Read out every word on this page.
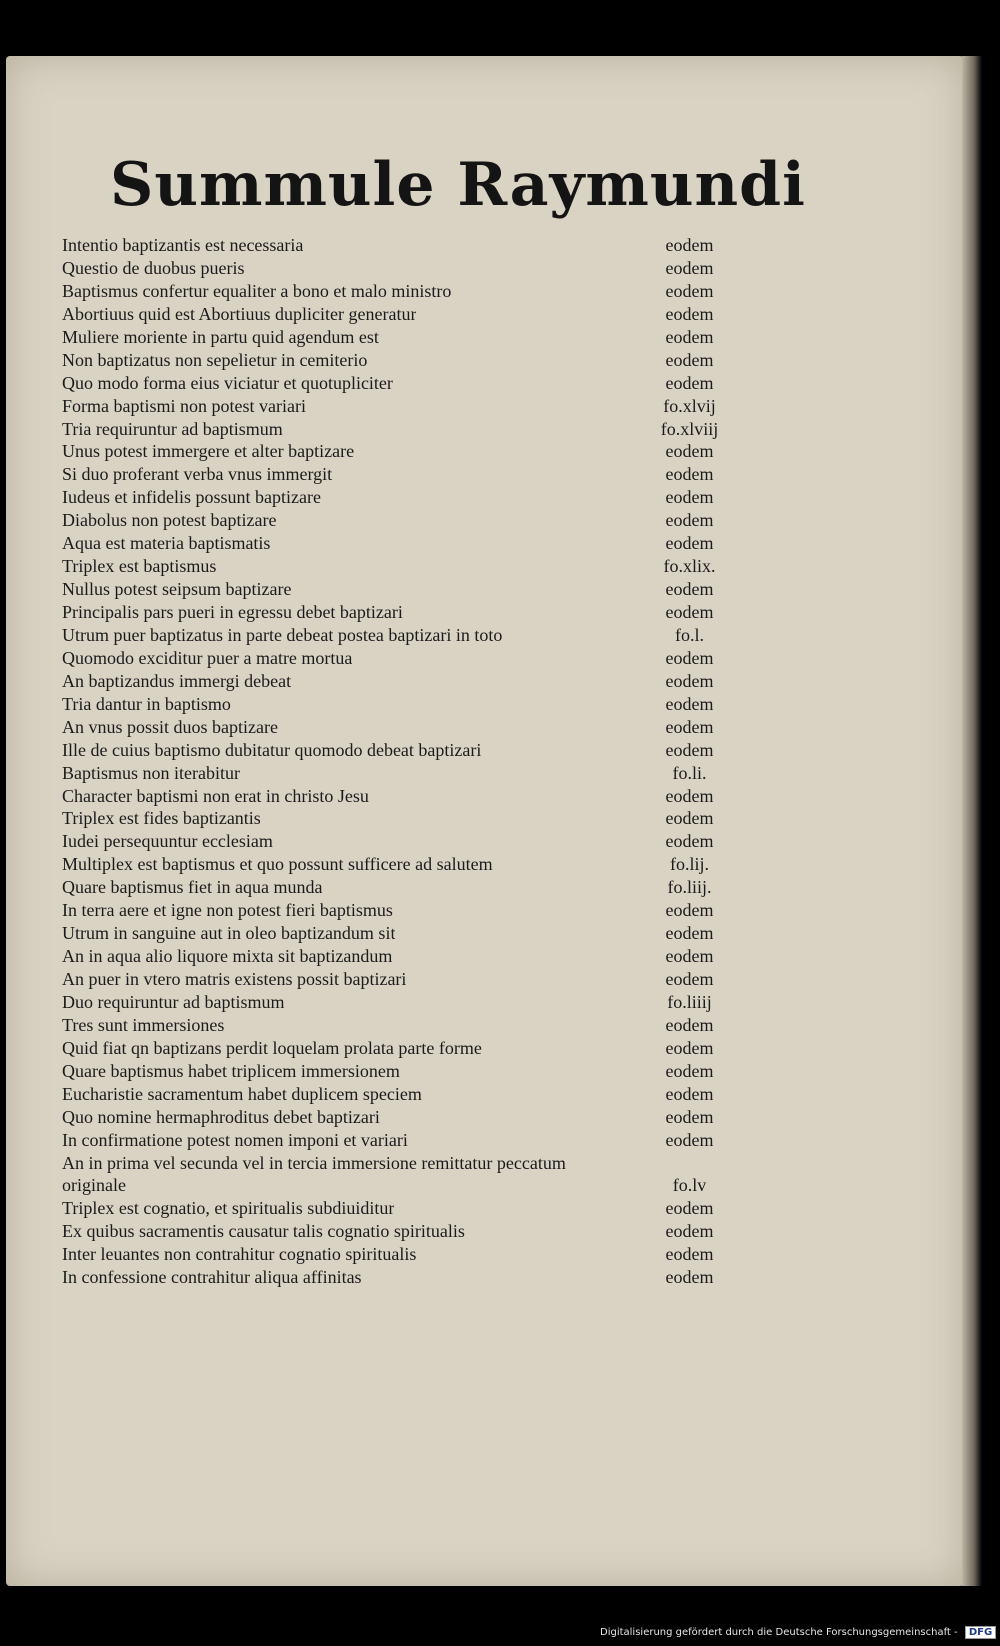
Summule Raymundi
Intentio baptizantis est necessaria	eodem
Questio de duobus pueris	eodem
Baptismus confertur equaliter a bono et malo ministro	eodem
Abortiuus quid est Abortiuus dupliciter generatur	eodem
Muliere moriente in partu quid agendum est	eodem
Non baptizatus non sepelietur in cemiterio	eodem
Quo modo forma eius viciatur et quotupliciter	eodem
Forma baptismi non potest variari	fo.xlvij
Tria requiruntur ad baptismum	fo.xlviij
Unus potest immergere et alter baptizare	eodem
Si duo proferant verba vnus immergit	eodem
Iudeus et infidelis possunt baptizare	eodem
Diabolus non potest baptizare	eodem
Aqua est materia baptismatis	eodem
Triplex est baptismus	fo.xlix.
Nullus potest seipsum baptizare	eodem
Principalis pars pueri in egressu debet baptizari	eodem
Utrum puer baptizatus in parte debeat postea baptizari in toto	fo.l.
Quomodo exciditur puer a matre mortua	eodem
An baptizandus immergi debeat	eodem
Tria dantur in baptismo	eodem
An vnus possit duos baptizare	eodem
Ille de cuius baptismo dubitatur quomodo debeat baptizari	eodem
Baptismus non iterabitur	fo.li.
Character baptismi non erat in christo Jesu	eodem
Triplex est fides baptizantis	eodem
Iudei persequuntur ecclesiam	eodem
Multiplex est baptismus et quo possunt sufficere ad salutem	fo.lij.
Quare baptismus fiet in aqua munda	fo.liij.
In terra aere et igne non potest fieri baptismus	eodem
Utrum in sanguine aut in oleo baptizandum sit	eodem
An in aqua alio liquore mixta sit baptizandum	eodem
An puer in vtero matris existens possit baptizari	eodem
Duo requiruntur ad baptismum	fo.liiij
Tres sunt immersiones	eodem
Quid fiat qn baptizans perdit loquelam prolata parte forme	eodem
Quare baptismus habet triplicem immersionem	eodem
Eucharistie sacramentum habet duplicem speciem	eodem
Quo nomine hermaphroditus debet baptizari	eodem
In confirmatione potest nomen imponi et variari	eodem
An in prima vel secunda vel in tercia immersione remittatur peccatum
originale	fo.lv
Triplex est cognatio, et spiritualis subdiuiditur	eodem
Ex quibus sacramentis causatur talis cognatio spiritualis	eodem
Inter leuantes non contrahitur cognatio spiritualis	eodem
In confessione contrahitur aliqua affinitas	eodem
Digitalisierung gefördert durch die Deutsche Forschungsgemeinschaft - DFG
